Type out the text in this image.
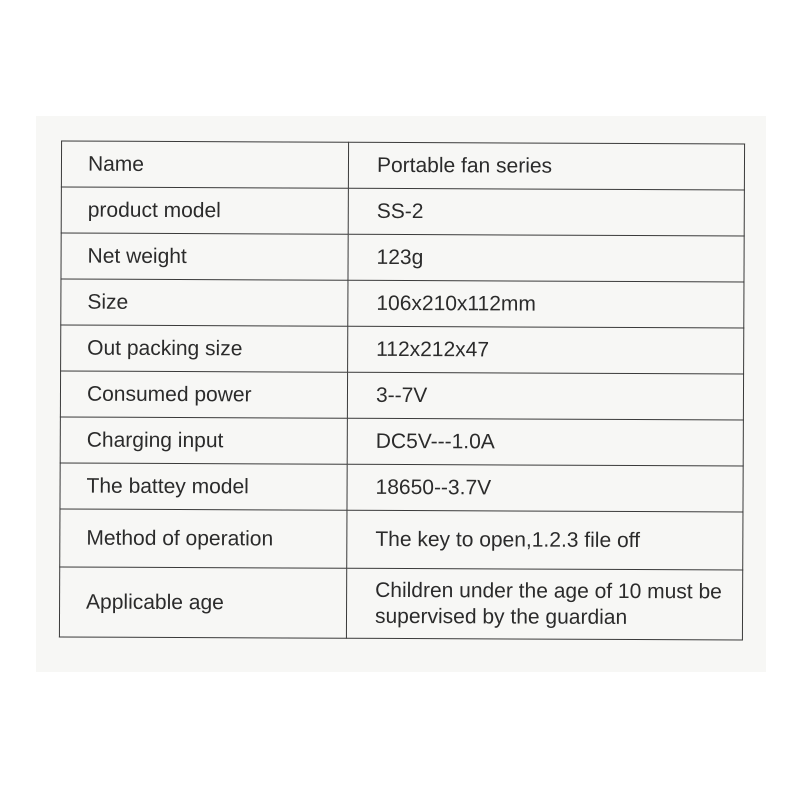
Name	Portable fan series
product model	SS-2
Net weight	123g
Size	106x210x112mm
Out packing size	112x212x47
Consumed power	3--7V
Charging input	DC5V---1.0A
The battey model	18650--3.7V
Method of operation	The key to open,1.2.3 file off
Applicable age	Children under the age of 10 must be supervised by the guardian
